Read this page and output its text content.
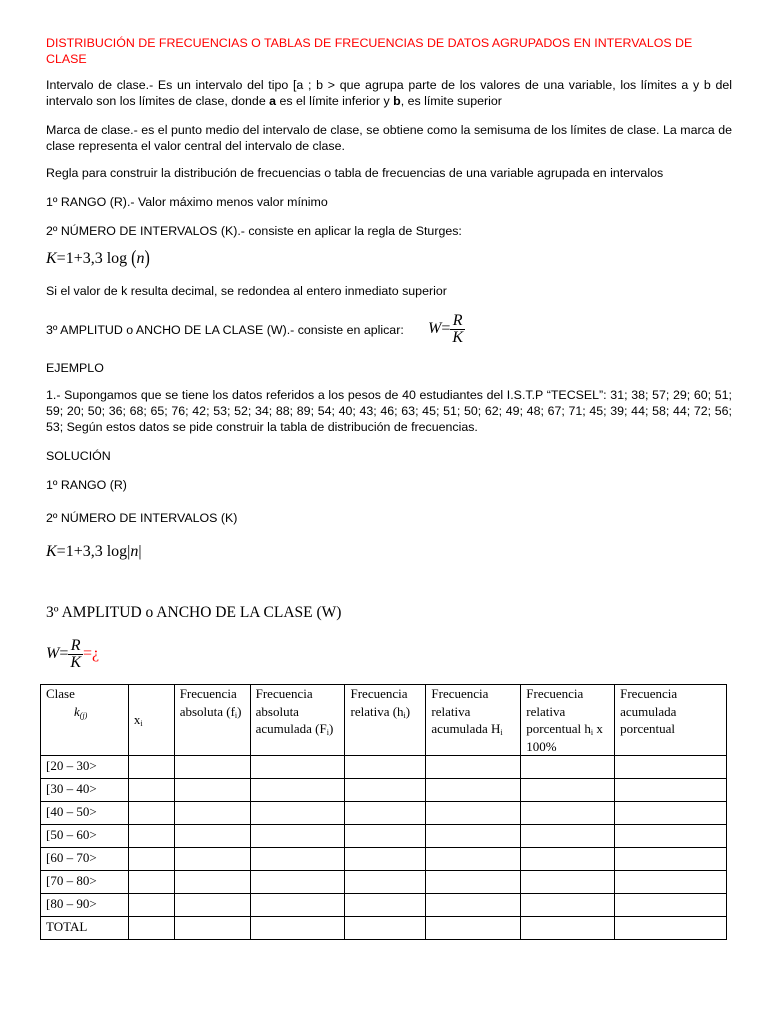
DISTRIBUCIÓN DE FRECUENCIAS O TABLAS DE FRECUENCIAS DE DATOS AGRUPADOS EN INTERVALOS DE CLASE
Intervalo de clase.- Es un intervalo del tipo [a ; b > que agrupa parte de los valores de una variable, los límites a y b del intervalo son los límites de clase, donde a es el límite inferior y b, es límite superior
Marca de clase.- es el punto medio del intervalo de clase, se obtiene como la semisuma de los límites de clase. La marca de clase representa el valor central del intervalo de clase.
Regla para construir la distribución de frecuencias o tabla de frecuencias de una variable agrupada en intervalos
1º RANGO (R).- Valor máximo menos valor mínimo
2º NÚMERO DE INTERVALOS (K).- consiste en aplicar la regla de Sturges:
K=1+3,3 log (n)
Si el valor de k resulta decimal, se redondea al entero inmediato superior
3º AMPLITUD o ANCHO DE LA CLASE (W).- consiste en aplicar: $W= \frac{R}{K}$
EJEMPLO
1.- Supongamos que se tiene los datos referidos a los pesos de 40 estudiantes del I.S.T.P “TECSEL”: 31; 38; 57; 29; 60; 51; 59; 20; 50; 36; 68; 65; 76; 42; 53; 52; 34; 88; 89; 54; 40; 43; 46; 63; 45; 51; 50; 62; 49; 48; 67; 71; 45; 39; 44; 58; 44; 72; 56; 53; Según estos datos se pide construir la tabla de distribución de frecuencias.
SOLUCIÓN
1º RANGO (R)
2º NÚMERO DE INTERVALOS (K)
K=1+3,3 log|n|
3º AMPLITUD o ANCHO DE LA CLASE (W)
$W= \frac{R}{K}$ =¿
Clase
$k_{(j)}$	$x_i$	Frecuencia absoluta $(f_i)$	Frecuencia absoluta acumulada $(F_i)$	Frecuencia relativa $(h_i)$	Frecuencia relativa acumulada $H_i$	Frecuencia relativa porcentual $h_i$ x 100%	Frecuencia acumulada porcentual
[20 – 30>							
[30 – 40>							
[40 – 50>							
[50 – 60>							
[60 – 70>							
[70 – 80>							
[80 – 90>							
TOTAL							
